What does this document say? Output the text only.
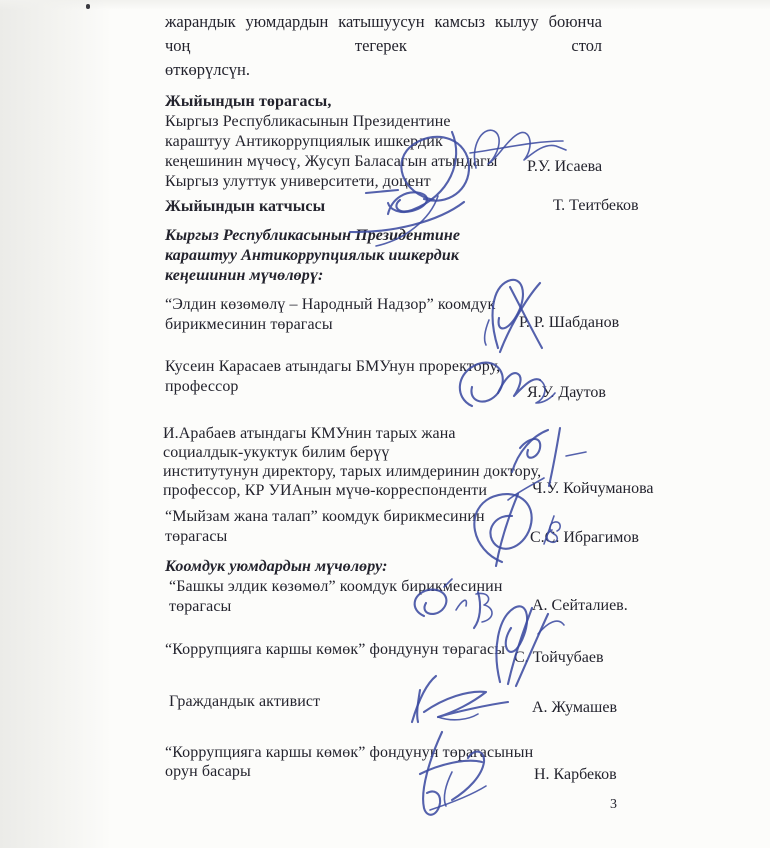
жарандык уюмдардын катышуусун камсыз кылуу боюнча чоң тегерек стол
өткөрүлсүн.
Жыйындын төрагасы,
Кыргыз Республикасынын Президентине
караштуу Антикоррупциялык ишкердик
кеңешинин мүчөсү, Жусуп Баласагын атындагы
Кыргыз улуттук университети, доцент
Р.У. Исаева
Жыйындын катчысы	Т. Теитбеков
Кыргыз Республикасынын Президентине
караштуу Антикоррупциялык ишкердик
кеңешинин мүчөлөрү:
“Элдин көзөмөлү – Народный Надзор” коомдук
бирикмесинин төрагасы	Р. Р. Шабданов
Кусеин Карасаев атындагы БМУнун проректору,
профессор	Я.У. Даутов
И.Арабаев атындагы КМУнин тарых жана
социалдык-укуктук билим берүү
институтунун директору, тарых илимдеринин доктору,
профессор, КР УИАнын мүчө-корреспонденти	Ч.У. Койчуманова
“Мыйзам жана талап” коомдук бирикмесинин
төрагасы	С.С. Ибрагимов
Коомдук уюмдардын мүчөлөру:
“Башкы элдик көзөмөл” коомдук бирикмесинин
төрагасы	А. Сейталиев.
“Коррупцияга каршы көмөк” фондунун төрагасы С. Тойчубаев
Граждандык активист	А. Жумашев
“Коррупцияга каршы көмөк” фондунун төрагасынын
орун басары	Н. Карбеков
3
